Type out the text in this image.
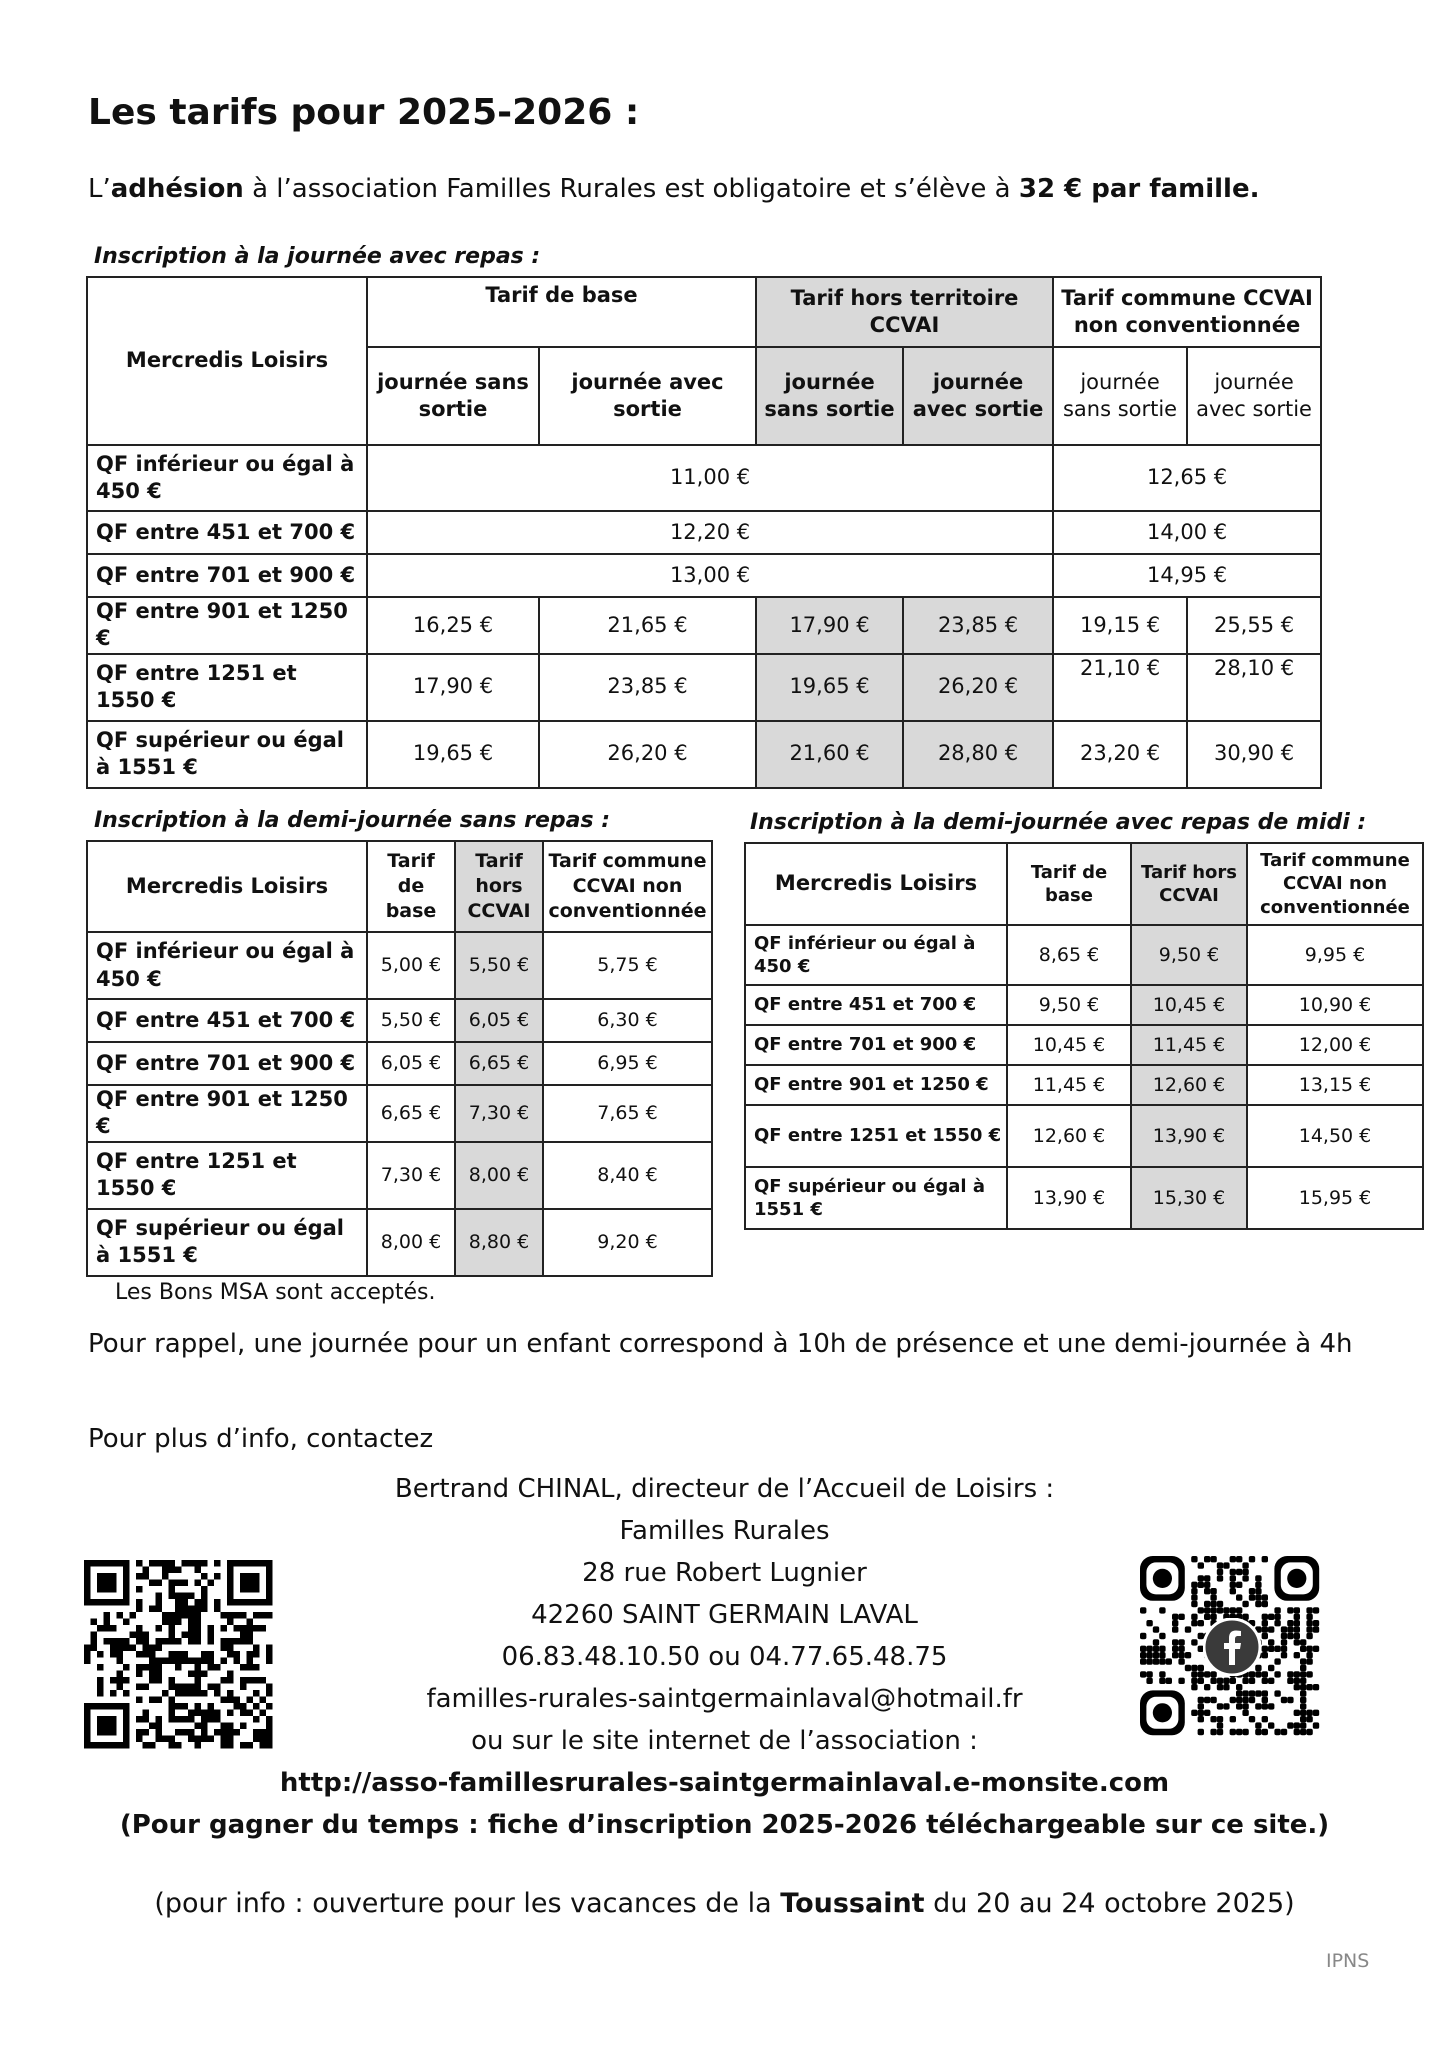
Les tarifs pour 2025-2026 :
L’adhésion à l’association Familles Rurales est obligatoire et s’élève à 32 € par famille.
Inscription à la journée avec repas :
Mercredis Loisirs	Tarif de base		Tarif hors territoire CCVAI		Tarif commune CCVAI non conventionnée	
	journée sans sortie	journée avec sortie	journée sans sortie	journée avec sortie	journée sans sortie	journée avec sortie
QF inférieur ou égal à 450 €	11,00 €				12,65 €	
QF entre 451 et 700 €	12,20 €				14,00 €	
QF entre 701 et 900 €	13,00 €				14,95 €	
QF entre 901 et 1250 €	16,25 €	21,65 €	17,90 €	23,85 €	19,15 €	25,55 €
QF entre 1251 et 1550 €	17,90 €	23,85 €	19,65 €	26,20 €	21,10 €	28,10 €
QF supérieur ou égal à 1551 €	19,65 €	26,20 €	21,60 €	28,80 €	23,20 €	30,90 €
Inscription à la demi-journée sans repas :
Mercredis Loisirs	Tarif de base	Tarif hors CCVAI	Tarif commune CCVAI non conventionnée
QF inférieur ou égal à 450 €	5,00 €	5,50 €	5,75 €
QF entre 451 et 700 €	5,50 €	6,05 €	6,30 €
QF entre 701 et 900 €	6,05 €	6,65 €	6,95 €
QF entre 901 et 1250 €	6,65 €	7,30 €	7,65 €
QF entre 1251 et 1550 €	7,30 €	8,00 €	8,40 €
QF supérieur ou égal à 1551 €	8,00 €	8,80 €	9,20 €
Inscription à la demi-journée avec repas de midi :
Mercredis Loisirs	Tarif de base	Tarif hors CCVAI	Tarif commune CCVAI non conventionnée
QF inférieur ou égal à 450 €	8,65 €	9,50 €	9,95 €
QF entre 451 et 700 €	9,50 €	10,45 €	10,90 €
QF entre 701 et 900 €	10,45 €	11,45 €	12,00 €
QF entre 901 et 1250 €	11,45 €	12,60 €	13,15 €
QF entre 1251 et 1550 €	12,60 €	13,90 €	14,50 €
QF supérieur ou égal à 1551 €	13,90 €	15,30 €	15,95 €
Les Bons MSA sont acceptés.
Pour rappel, une journée pour un enfant correspond à 10h de présence et une demi-journée à 4h
Pour plus d’info, contactez
Bertrand CHINAL, directeur de l’Accueil de Loisirs :
Familles Rurales
28 rue Robert Lugnier
42260 SAINT GERMAIN LAVAL
06.83.48.10.50 ou 04.77.65.48.75
familles-rurales-saintgermainlaval@hotmail.fr
ou sur le site internet de l’association :
http://asso-famillesrurales-saintgermainlaval.e-monsite.com
(Pour gagner du temps : fiche d’inscription 2025-2026 téléchargeable sur ce site.)
(pour info : ouverture pour les vacances de la Toussaint du 20 au 24 octobre 2025)
IPNS
